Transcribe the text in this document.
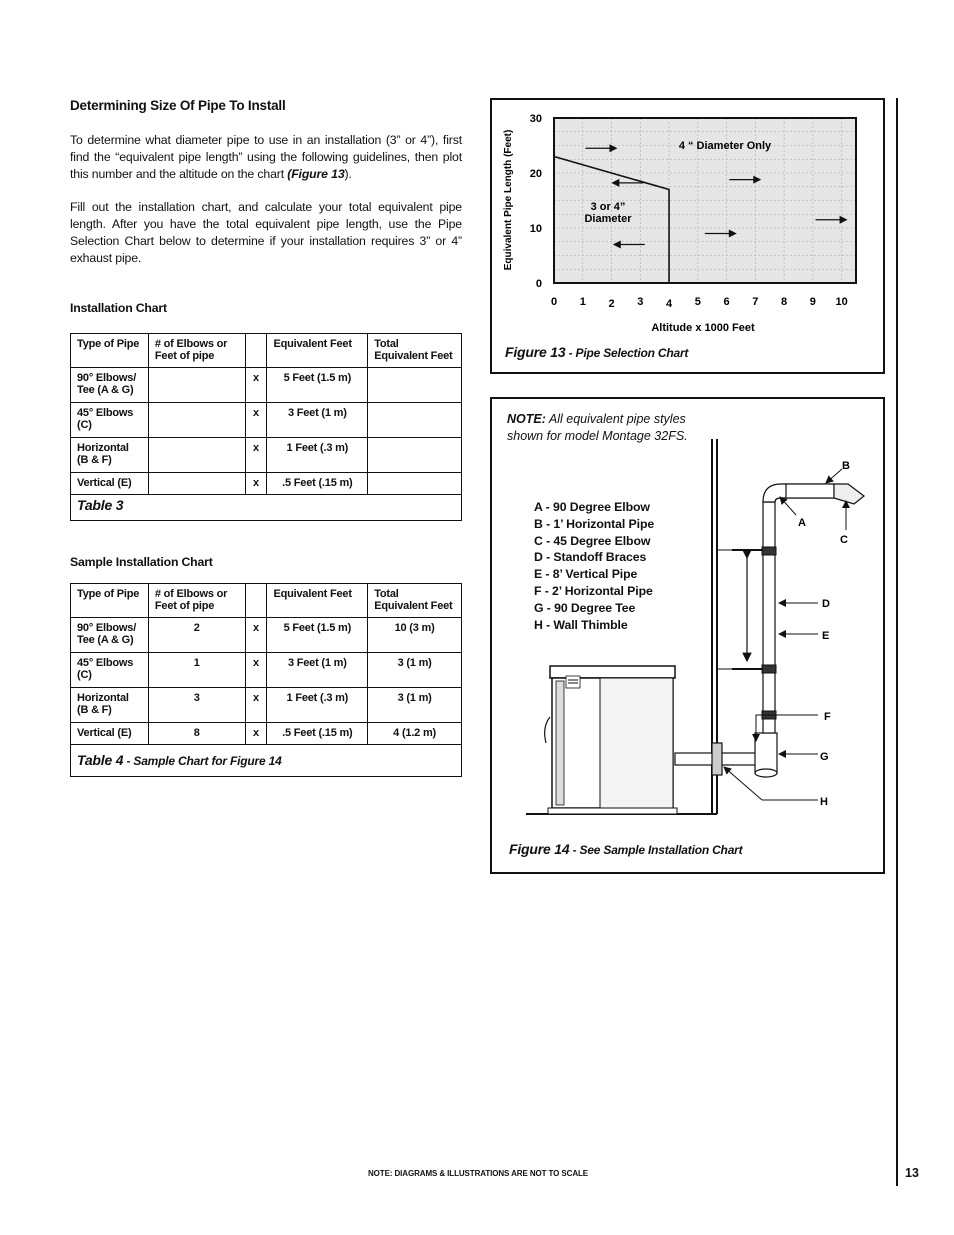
Determining Size Of Pipe To Install
To determine what diameter pipe to use in an installation (3” or 4”), first find the “equivalent pipe length” using the following guidelines, then plot this number and the altitude on the chart (Figure 13).
Fill out the installation chart, and calculate your total equivalent pipe length. After you have the total equivalent pipe length, use the Pipe Selection Chart below to determine if your installation requires 3” or 4” exhaust pipe.
Installation Chart
Type of Pipe	# of Elbows or Feet of pipe		Equivalent Feet	Total Equivalent Feet
90° Elbows/ Tee (A & G)		x	5 Feet (1.5 m)	
45° Elbows (C)		x	3 Feet (1 m)	
Horizontal (B & F)		x	1 Feet (.3 m)	
Vertical (E)		x	.5 Feet (.15 m)	
Table 3				
Sample Installation Chart
Type of Pipe	# of Elbows or Feet of pipe		Equivalent Feet	Total Equivalent Feet
90° Elbows/ Tee (A & G)	2	x	5 Feet (1.5 m)	10 (3 m)
45° Elbows (C)	1	x	3 Feet (1 m)	3 (1 m)
Horizontal (B & F)	3	x	1 Feet (.3 m)	3 (1 m)
Vertical (E)	8	x	.5 Feet (.15 m)	4 (1.2 m)
Table 4 - Sample Chart for Figure 14				
0
10
20
30
0 1 2 3 4 5 6 7 8 9 10
Equivalent Pipe Length (Feet)
Altitude x 1000 Feet
4 “ Diameter Only
3 or 4”
Diameter
Figure 13 - Pipe Selection Chart
NOTE: All equivalent pipe styles shown for model Montage 32FS.
A - 90 Degree Elbow
B - 1’ Horizontal Pipe
C - 45 Degree Elbow
D - Standoff Braces
E - 8’ Vertical Pipe
F - 2’ Horizontal Pipe
G - 90 Degree Tee
H - Wall Thimble
B
A
C
D
E
F
G
H
Figure 14 - See Sample Installation Chart
NOTE: DIAGRAMS & ILLUSTRATIONS ARE NOT TO SCALE	13
